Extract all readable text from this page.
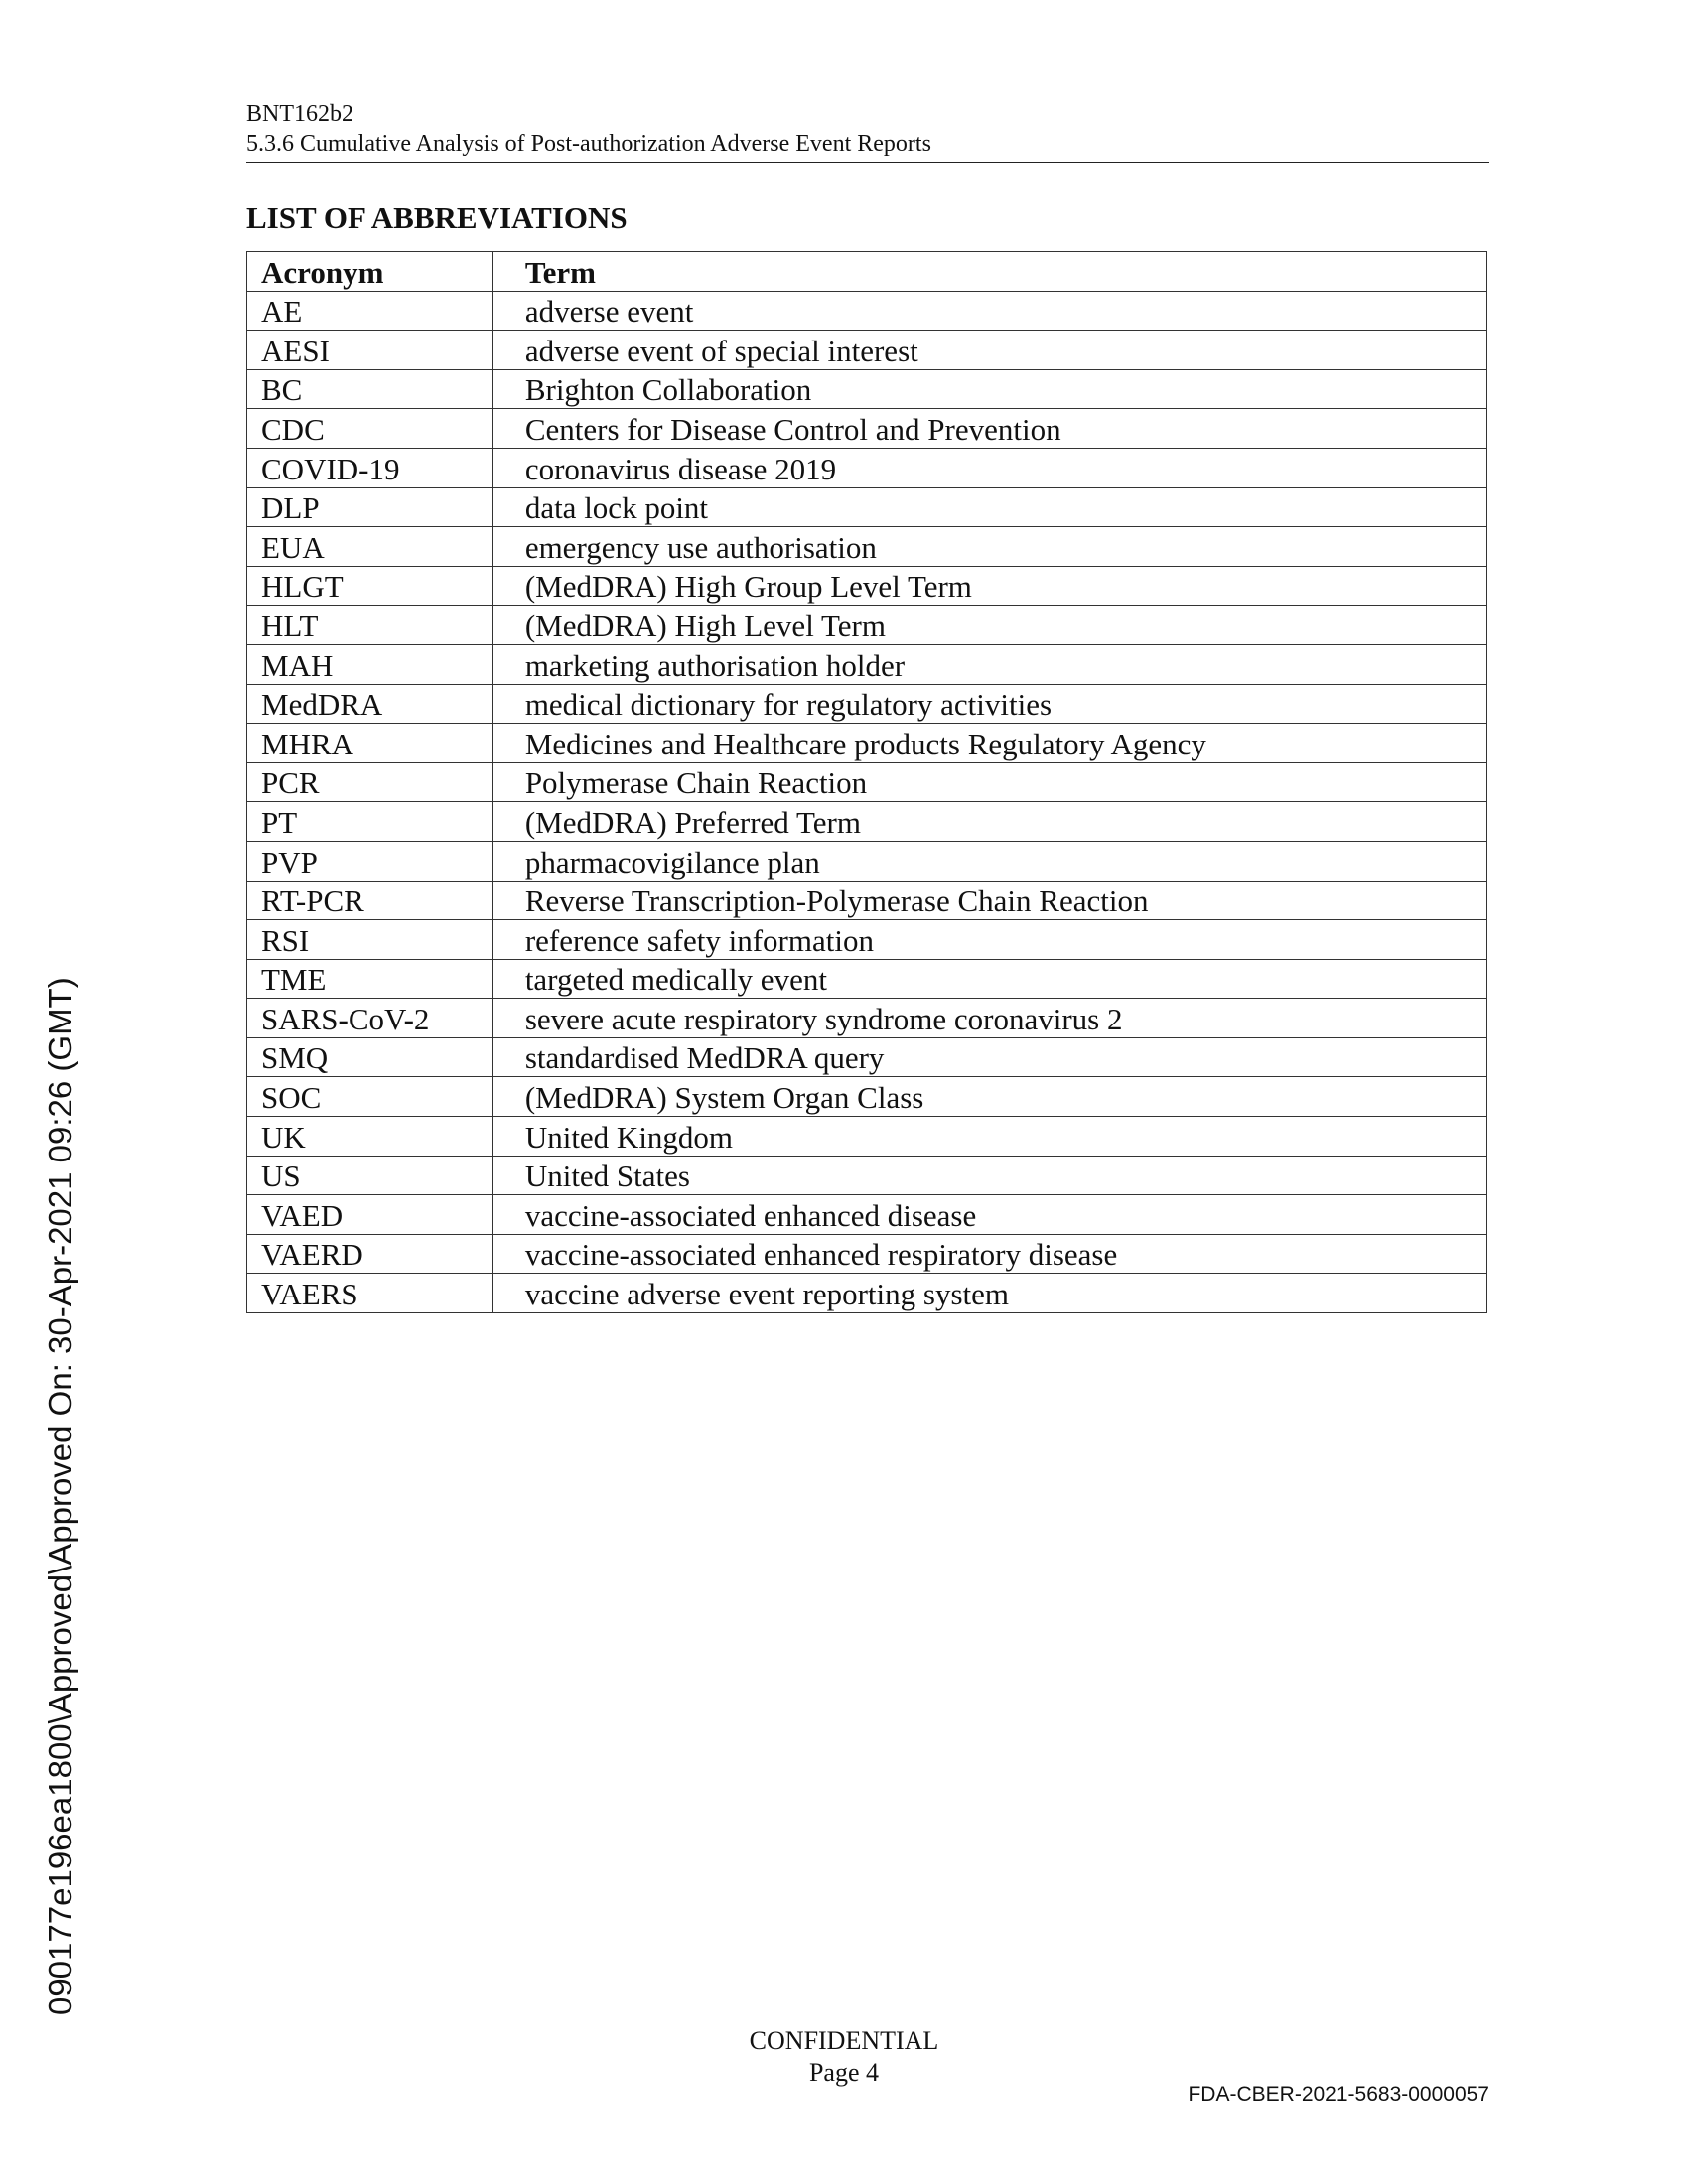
BNT162b2
5.3.6 Cumulative Analysis of Post-authorization Adverse Event Reports
LIST OF ABBREVIATIONS
Acronym	Term
AE	adverse event
AESI	adverse event of special interest
BC	Brighton Collaboration
CDC	Centers for Disease Control and Prevention
COVID-19	coronavirus disease 2019
DLP	data lock point
EUA	emergency use authorisation
HLGT	(MedDRA) High Group Level Term
HLT	(MedDRA) High Level Term
MAH	marketing authorisation holder
MedDRA	medical dictionary for regulatory activities
MHRA	Medicines and Healthcare products Regulatory Agency
PCR	Polymerase Chain Reaction
PT	(MedDRA) Preferred Term
PVP	pharmacovigilance plan
RT-PCR	Reverse Transcription-Polymerase Chain Reaction
RSI	reference safety information
TME	targeted medically event
SARS-CoV-2	severe acute respiratory syndrome coronavirus 2
SMQ	standardised MedDRA query
SOC	(MedDRA) System Organ Class
UK	United Kingdom
US	United States
VAED	vaccine-associated enhanced disease
VAERD	vaccine-associated enhanced respiratory disease
VAERS	vaccine adverse event reporting system
090177e196ea1800\Approved\Approved On: 30-Apr-2021 09:26 (GMT)
CONFIDENTIAL
Page 4
FDA-CBER-2021-5683-0000057
